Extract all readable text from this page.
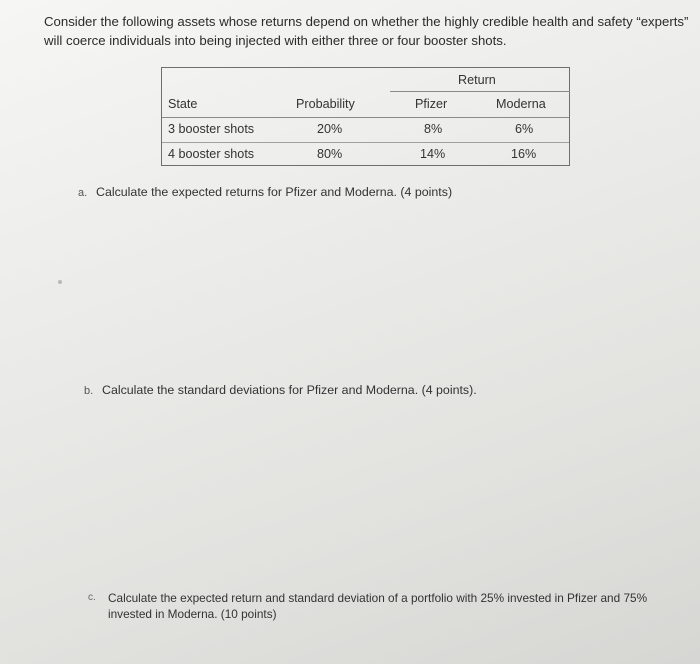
Consider the following assets whose returns depend on whether the highly credible health and safety “experts” will coerce individuals into being injected with either three or four booster shots.
Return
State	Probability	Pfizer	Moderna
3 booster shots	20%	8%	6%
4 booster shots	80%	14%	16%
a. Calculate the expected returns for Pfizer and Moderna. (4 points)
b. Calculate the standard deviations for Pfizer and Moderna. (4 points).
c. Calculate the expected return and standard deviation of a portfolio with 25% invested in Pfizer and 75% invested in Moderna. (10 points)
